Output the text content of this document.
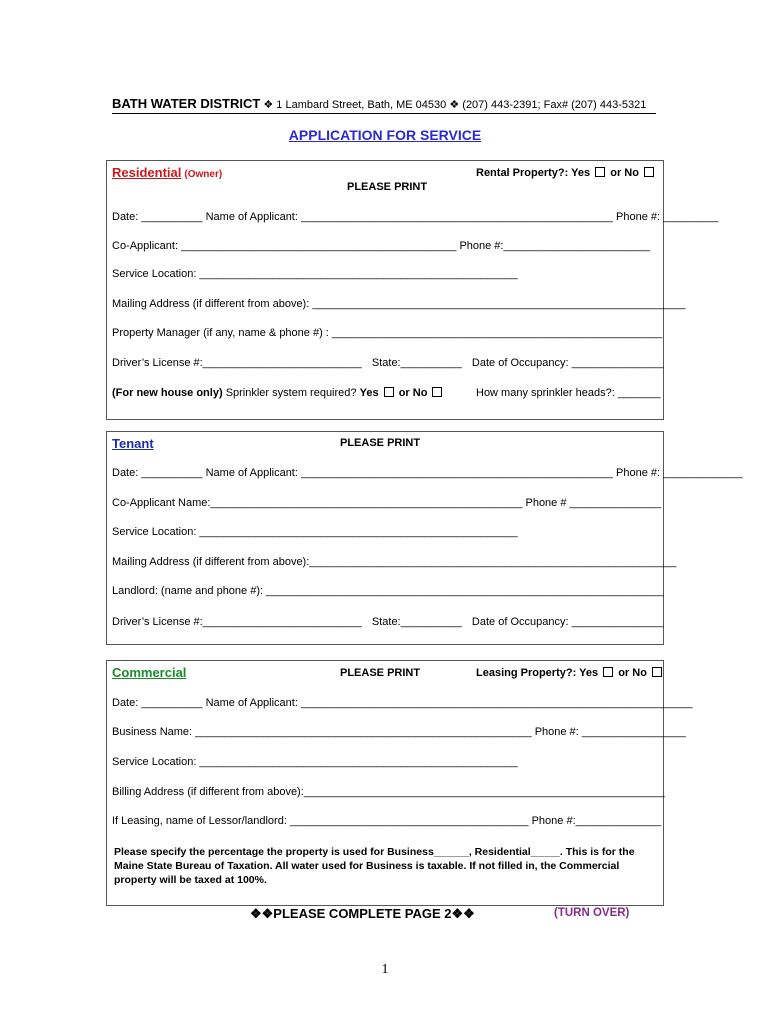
BATH WATER DISTRICT ❖ 1 Lambard Street, Bath, ME 04530 ❖ (207) 443-2391; Fax# (207) 443-5321
APPLICATION FOR SERVICE
Residential (Owner)	Rental Property?: Yes or No
PLEASE PRINT
Date: __________ Name of Applicant: ___________________________________________________ Phone #: _________
Co-Applicant: _____________________________________________ Phone #:________________________
Service Location: ____________________________________________________
Mailing Address (if different from above): _____________________________________________________________
Property Manager (if any, name & phone #) : ______________________________________________________
Driver’s License #:__________________________ State:__________ Date of Occupancy: _______________
(For new house only) Sprinkler system required? Yes or No	How many sprinkler heads?: _______
Tenant	PLEASE PRINT
Date: __________ Name of Applicant: ___________________________________________________ Phone #: _____________
Co-Applicant Name:___________________________________________________ Phone # _______________
Service Location: ____________________________________________________
Mailing Address (if different from above):____________________________________________________________
Landlord: (name and phone #): _________________________________________________________________
Driver’s License #:__________________________ State:__________ Date of Occupancy: _______________
Commercial	PLEASE PRINT	Leasing Property?: Yes or No
Date: __________ Name of Applicant: ________________________________________________________________
Business Name: _______________________________________________________ Phone #: _________________
Service Location: ____________________________________________________
Billing Address (if different from above):___________________________________________________________
If Leasing, name of Lessor/landlord: _______________________________________ Phone #:______________
Please specify the percentage the property is used for Business______, Residential_____. This is for the Maine State Bureau of Taxation. All water used for Business is taxable. If not filled in, the Commercial property will be taxed at 100%.
❖❖PLEASE COMPLETE PAGE 2❖❖	(TURN OVER)
1
